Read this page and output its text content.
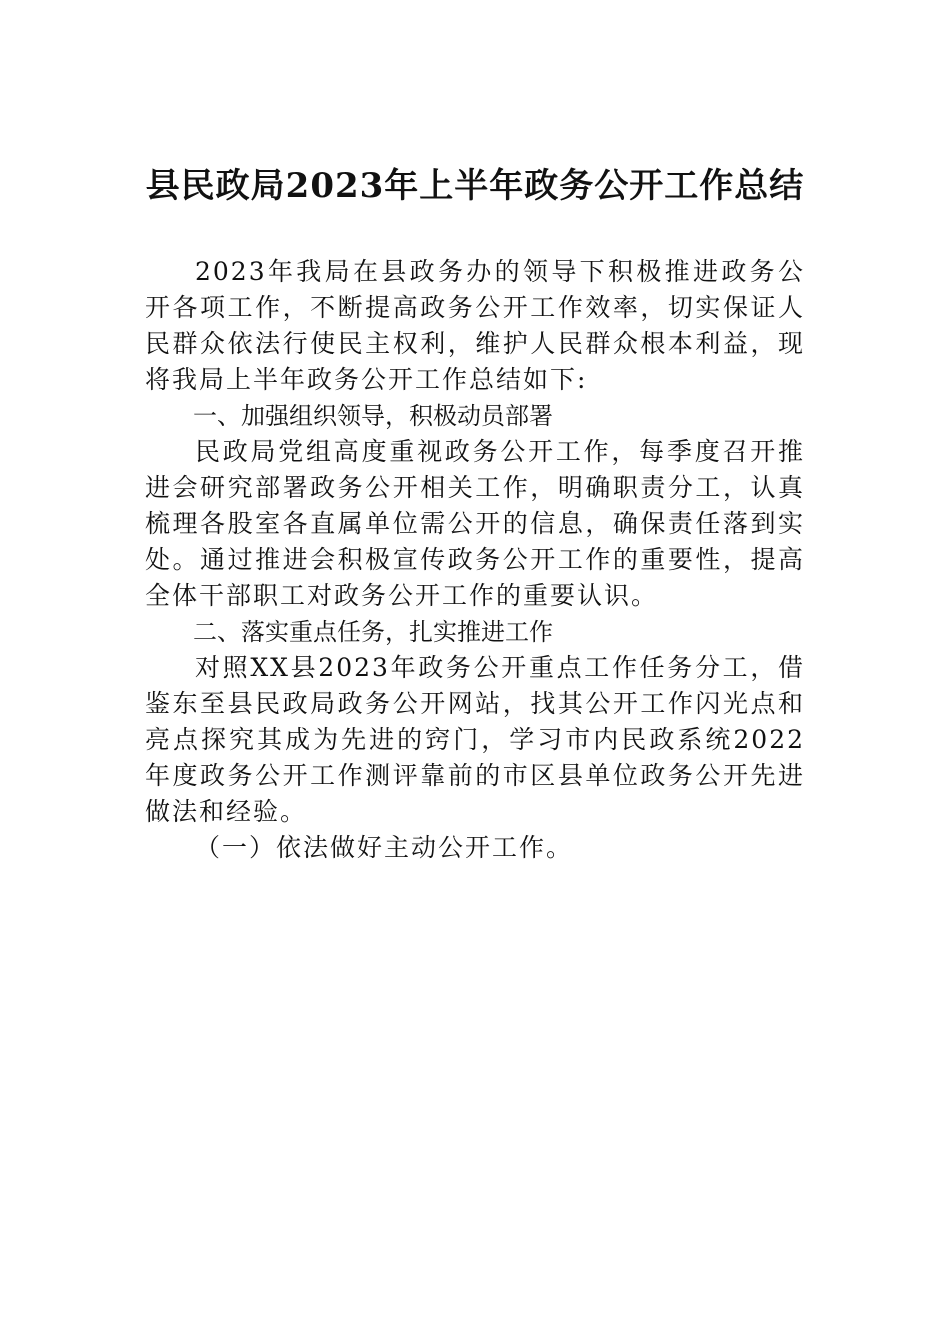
县民政局2023年上半年政务公开工作总结

2023年我局在县政务办的领导下积极推进政务公开各项工作，不断提高政务公开工作效率，切实保证人民群众依法行使民主权利，维护人民群众根本利益，现将我局上半年政务公开工作总结如下:

一、加强组织领导，积极动员部署

民政局党组高度重视政务公开工作，每季度召开推进会研究部署政务公开相关工作，明确职责分工，认真梳理各股室各直属单位需公开的信息，确保责任落到实处。通过推进会积极宣传政务公开工作的重要性，提高全体干部职工对政务公开工作的重要认识。

二、落实重点任务，扎实推进工作

对照XX县2023年政务公开重点工作任务分工，借鉴东至县民政局政务公开网站，找其公开工作闪光点和亮点探究其成为先进的窍门，学习市内民政系统2022年度政务公开工作测评靠前的市区县单位政务公开先进做法和经验。

（一）依法做好主动公开工作。
